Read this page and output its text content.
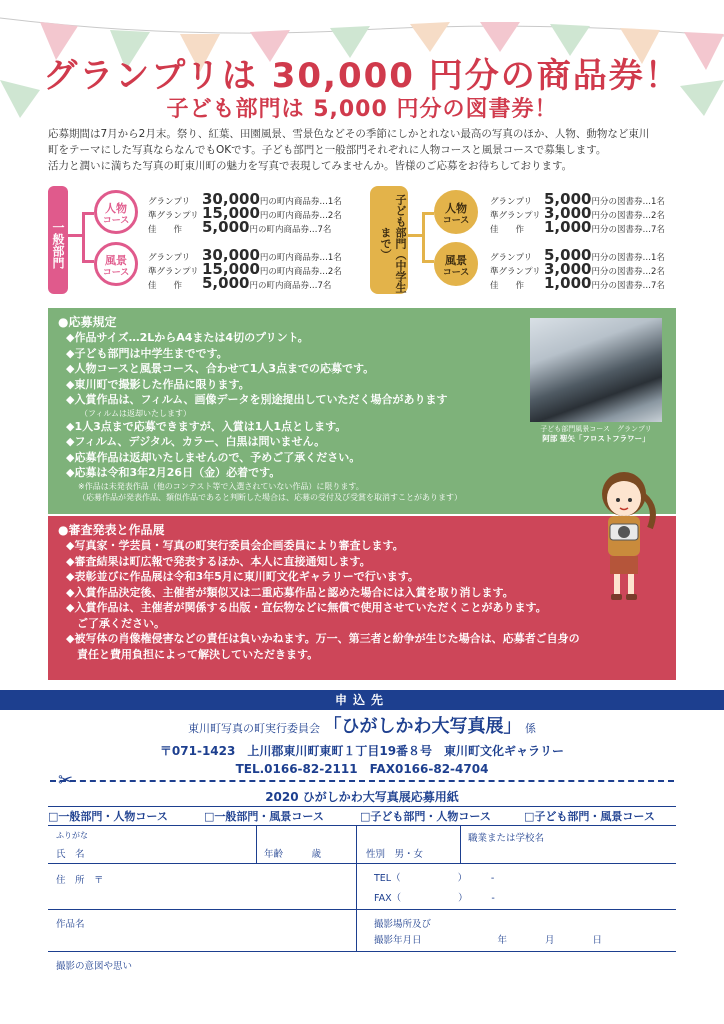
グランプリは 30,000 円分の商品券！
子ども部門は 5,000 円分の図書券！
応募期間は7月から2月末。祭り、紅葉、田園風景、雪景色などその季節にしかとれない最高の写真のほか、人物、動物など東川
町をテーマにした写真ならなんでもOKです。子ども部門と一般部門それぞれに人物コースと風景コースで募集します。
活力と潤いに満ちた写真の町東川町の魅力を写真で表現してみませんか。皆様のご応募をお待ちしております。
一般部門
人物
コース
風景
コース
グランプリ 30,000円の町内商品券…1名
準グランプリ 15,000円の町内商品券…2名
佳　　作 5,000円の町内商品券…7名
グランプリ 30,000円の町内商品券…1名
準グランプリ 15,000円の町内商品券…2名
佳　　作 5,000円の町内商品券…7名	子ども部門（中学生まで）
人物
コース
風景
コース
グランプリ 5,000円分の図書券…1名
準グランプリ 3,000円分の図書券…2名
佳　　作 1,000円分の図書券…7名
グランプリ 5,000円分の図書券…1名
準グランプリ 3,000円分の図書券…2名
佳　　作 1,000円分の図書券…7名
●応募規定
◆作品サイズ…2LからA4または4切のプリント。
◆子ども部門は中学生までです。
◆人物コースと風景コース、合わせて1人3点までの応募です。
◆東川町で撮影した作品に限ります。
◆入賞作品は、フィルム、画像データを別途提出していただく場合があります
（フィルムは返却いたします）
◆1人3点まで応募できますが、入賞は1人1点とします。
◆フィルム、デジタル、カラー、白黒は問いません。
◆応募作品は返却いたしませんので、予めご了承ください。
◆応募は令和3年2月26日（金）必着です。
※作品は未発表作品（他のコンテスト等で入選されていない作品）に限ります。
（応募作品が発表作品、類似作品であると判断した場合は、応募の受付及び受賞を取消すことがあります）
子ども部門風景コース　グランプリ
阿部 聖矢「フロストフラワー」
●審査発表と作品展
◆写真家・学芸員・写真の町実行委員会企画委員により審査します。
◆審査結果は町広報で発表するほか、本人に直接通知します。
◆表彰並びに作品展は令和3年5月に東川町文化ギャラリーで行います。
◆入賞作品決定後、主催者が類似又は二重応募作品と認めた場合には入賞を取り消します。
◆入賞作品は、主催者が関係する出版・宣伝物などに無償で使用させていただくことがあります。
　ご了承ください。
◆被写体の肖像権侵害などの責任は負いかねます。万一、第三者と紛争が生じた場合は、応募者ご自身の
　責任と費用負担によって解決していただきます。
申込先
東川町写真の町実行委員会 「ひがしかわ大写真展」 係
〒071-1423　上川郡東川町東町１丁目19番８号　東川町文化ギャラリー
TEL.0166-82-2111　FAX0166-82-4704
✂
2020 ひがしかわ大写真展応募用紙
□一般部門・人物コース	□一般部門・風景コース	□子ども部門・人物コース	□子ども部門・風景コース
ふりがな
氏　名	年齢　　　歳	性別　男・女
職業または学校名
住　所　〒	TEL（　　　　　　）　　　-
FAX（　　　　　　）　　　-
作品名	撮影場所及び
撮影年月日　　　　　　　　年　　　　月　　　　日
撮影の意図や思い
